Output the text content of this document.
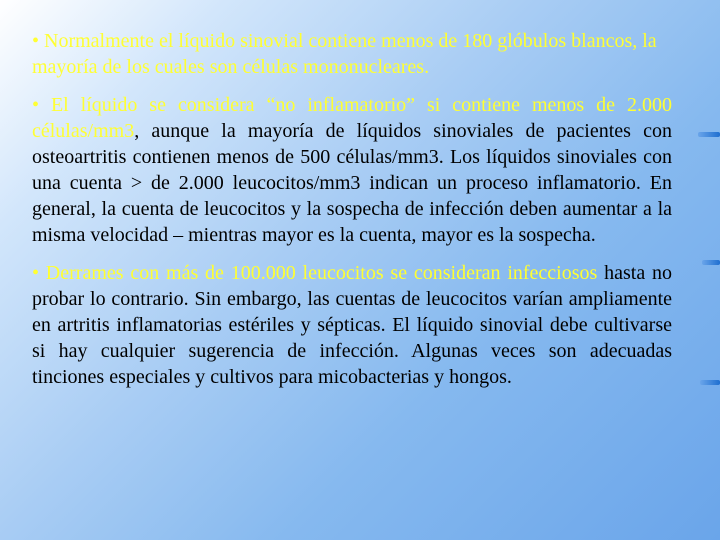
• Normalmente el líquido sinovial contiene menos de 180 glóbulos blancos, la mayoría de los cuales son células mononucleares.

• El líquido se considera “no inflamatorio” si contiene menos de 2.000 células/mm3, aunque la mayoría de líquidos sinoviales de pacientes con osteoartritis contienen menos de 500 células/mm3. Los líquidos sinoviales con una cuenta > de 2.000 leucocitos/mm3 indican un proceso inflamatorio. En general, la cuenta de leucocitos y la sospecha de infección deben aumentar a la misma velocidad – mientras mayor es la cuenta, mayor es la sospecha.

• Derrames con más de 100.000 leucocitos se consideran infecciosos hasta no probar lo contrario. Sin embargo, las cuentas de leucocitos varían ampliamente en artritis inflamatorias estériles y sépticas. El líquido sinovial debe cultivarse si hay cualquier sugerencia de infección. Algunas veces son adecuadas tinciones especiales y cultivos para micobacterias y hongos.
